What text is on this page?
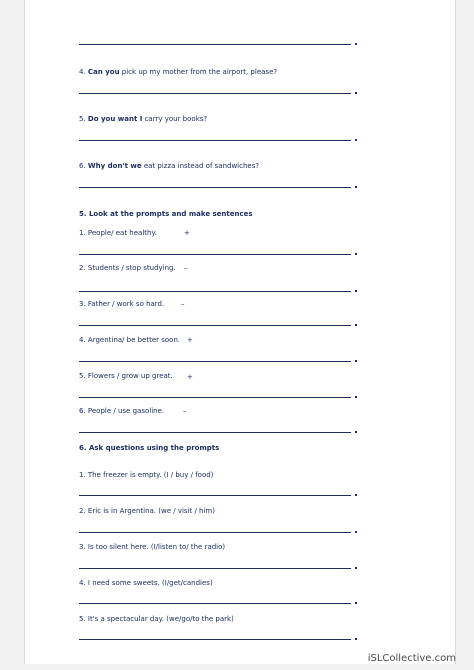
4. Can you pick up my mother from the airport, please?
5. Do you want I carry your books?
6. Why don't we eat pizza instead of sandwiches?
5. Look at the prompts and make sentences
1. People/ eat healthy.	+
2. Students / stop studying. –
3. Father / work so hard. –
4. Argentina/ be better soon. +
5. Flowers / grow up great. +
6. People / use gasoline.	–
6. Ask questions using the prompts
1. The freezer is empty. (I / buy / food)
2. Eric is in Argentina. (we / visit / him)
3. Is too silent here. (I/listen to/ the radio)
4. I need some sweets. (I/get/candies)
5. It's a spectacular day. (we/go/to the park)
iSLCollective.com
